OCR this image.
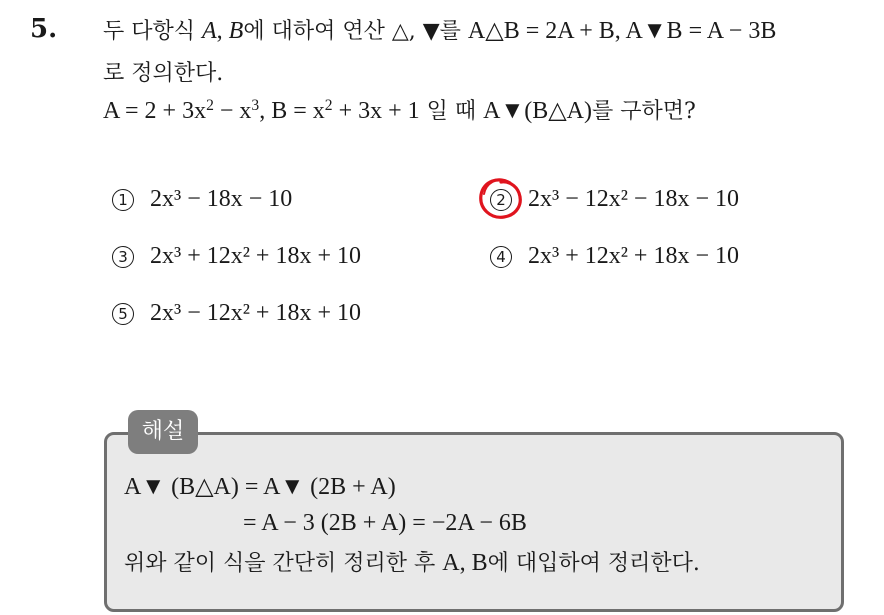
5. 두 다항식 A, B에 대하여 연산 △, ▼를 A△B = 2A + B, A▼B = A − 3B
로 정의한다.
$A = 2 + 3x^2 - x^3$, $B = x^2 + 3x + 1$ 일 때 A▼(B△A)를 구하면?
1 2x³ − 18x − 10	2 2x³ − 12x² − 18x − 10
3 2x³ + 12x² + 18x + 10	4 2x³ + 12x² + 18x − 10
5 2x³ − 12x² + 18x + 10
해설
A▼ (B△A) = A▼ (2B + A)
= A − 3 (2B + A) = −2A − 6B
위와 같이 식을 간단히 정리한 후 A, B에 대입하여 정리한다.
